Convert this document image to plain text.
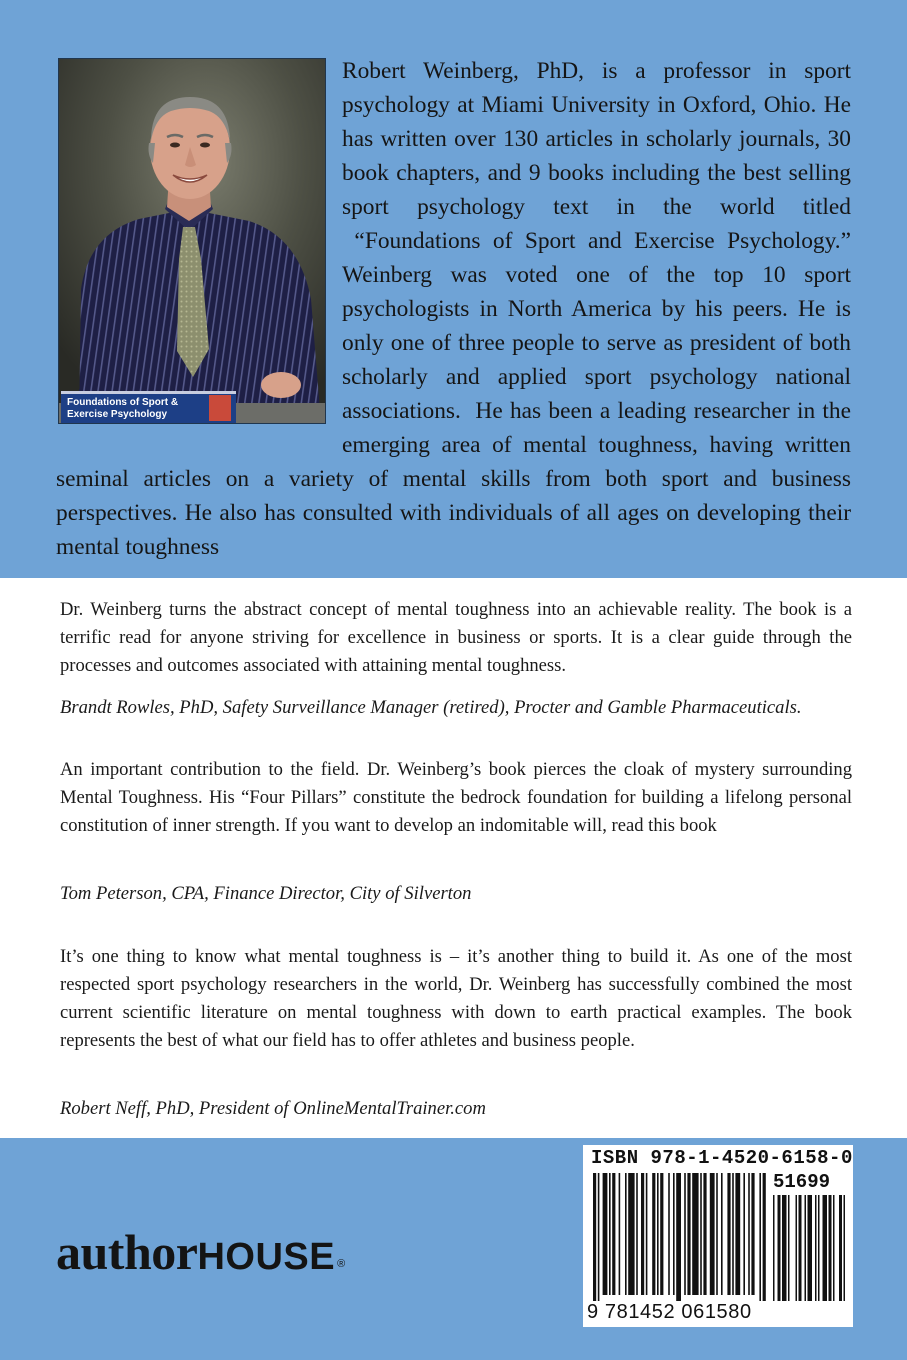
Foundations of Sport &
Exercise Psychology
Robert Weinberg, PhD, is a professor in sport psychology at Miami University in Oxford, Ohio. He has written over 130 articles in scholarly journals, 30 book chapters, and 9 books including the best selling sport psychology text in the world titled  “Foundations of Sport and Exercise Psychology.” Weinberg was voted one of the top 10 sport psychologists in North America by his peers. He is only one of three people to serve as president of both scholarly and applied sport psychology national associations.  He has been a leading researcher in the emerging area of mental toughness, having written seminal articles on a variety of mental skills from both sport and business perspectives. He also has consulted with individuals of all ages on developing their mental toughness
Dr. Weinberg turns the abstract concept of mental toughness into an achievable reality. The book is a terrific read for anyone striving for excellence in business or sports. It is a clear guide through the processes and outcomes associated with attaining mental toughness.
Brandt Rowles, PhD, Safety Surveillance Manager (retired), Procter and Gamble Pharmaceuticals.
An important contribution to the field. Dr. Weinberg’s book pierces the cloak of mystery surrounding Mental Toughness. His “Four Pillars” constitute the bedrock foundation for building a lifelong personal constitution of inner strength. If you want to develop an indomitable will, read this book
Tom Peterson, CPA, Finance Director, City of Silverton
It’s one thing to know what mental toughness is – it’s another thing to build it. As one of the most respected sport psychology researchers in the world, Dr. Weinberg has successfully combined the most current scientific literature on mental toughness with down to earth practical examples. The book represents the best of what our field has to offer athletes and business people.
Robert Neff, PhD, President of OnlineMentalTrainer.com
authorHOUSE ®
ISBN 978-1-4520-6158-0
51699
9 781452 061580
